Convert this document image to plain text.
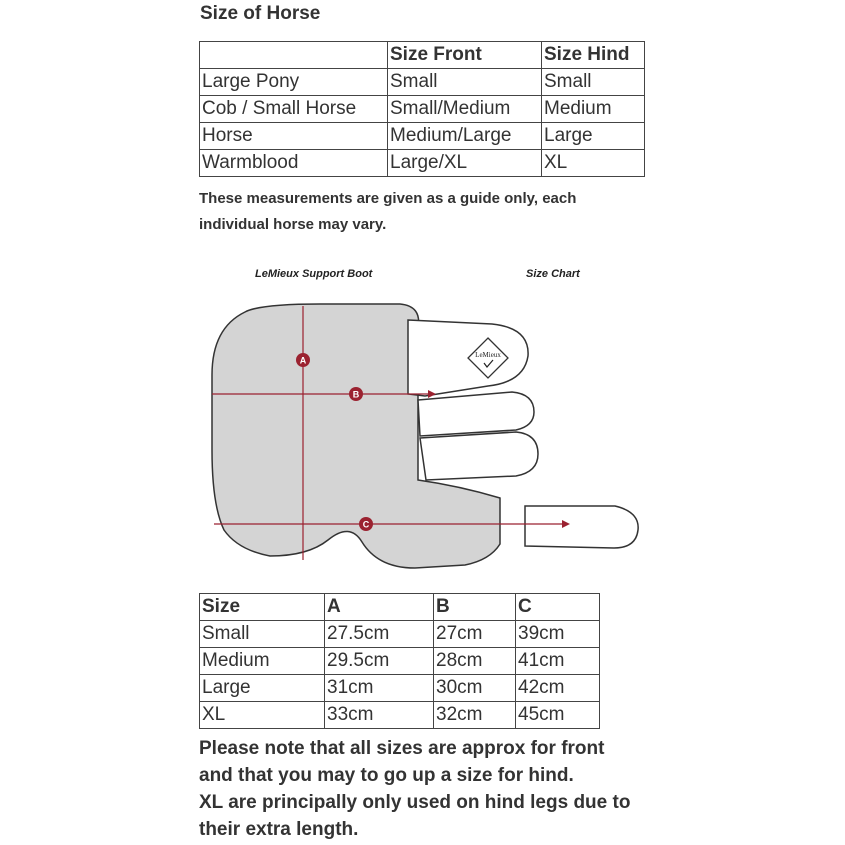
Size of Horse
	Size Front	Size Hind
Large Pony	Small	Small
Cob / Small Horse	Small/Medium	Medium
Horse	Medium/Large	Large
Warmblood	Large/XL	XL
These measurements are given as a guide only, each
individual horse may vary.
LeMieux Support Boot	Size Chart
LeMieux
A
B
C
Size	A	B	C
Small	27.5cm	27cm	39cm
Medium	29.5cm	28cm	41cm
Large	31cm	30cm	42cm
XL	33cm	32cm	45cm
Please note that all sizes are approx for front
and that you may to go up a size for hind.
XL are principally only used on hind legs due to
their extra length.
